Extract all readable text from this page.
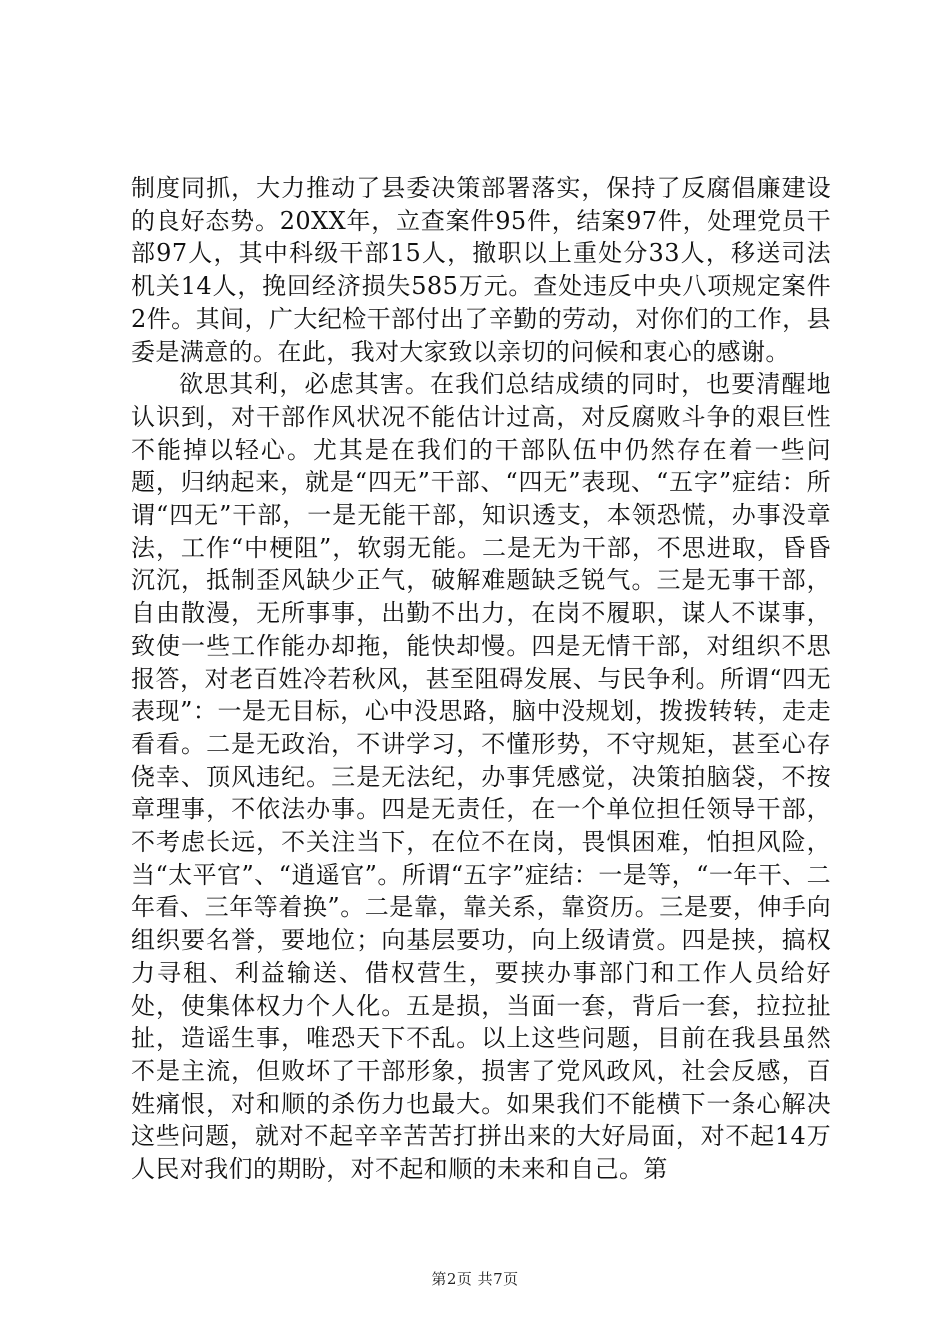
制度同抓，大力推动了县委决策部署落实，保持了反腐倡廉建设的良好态势。20XX年，立查案件95件，结案97件，处理党员干部97人，其中科级干部15人，撤职以上重处分33人，移送司法机关14人，挽回经济损失585万元。查处违反中央八项规定案件2件。其间，广大纪检干部付出了辛勤的劳动，对你们的工作，县委是满意的。在此，我对大家致以亲切的问候和衷心的感谢。

欲思其利，必虑其害。在我们总结成绩的同时，也要清醒地认识到，对干部作风状况不能估计过高，对反腐败斗争的艰巨性不能掉以轻心。尤其是在我们的干部队伍中仍然存在着一些问题，归纳起来，就是“四无”干部、“四无”表现、“五字”症结：所谓“四无”干部，一是无能干部，知识透支，本领恐慌，办事没章法，工作“中梗阻”，软弱无能。二是无为干部，不思进取，昏昏沉沉，抵制歪风缺少正气，破解难题缺乏锐气。三是无事干部，自由散漫，无所事事，出勤不出力，在岗不履职，谋人不谋事，致使一些工作能办却拖，能快却慢。四是无情干部，对组织不思报答，对老百姓冷若秋风，甚至阻碍发展、与民争利。所谓“四无表现”：一是无目标，心中没思路，脑中没规划，拨拨转转，走走看看。二是无政治，不讲学习，不懂形势，不守规矩，甚至心存侥幸、顶风违纪。三是无法纪，办事凭感觉，决策拍脑袋，不按章理事，不依法办事。四是无责任，在一个单位担任领导干部，不考虑长远，不关注当下，在位不在岗，畏惧困难，怕担风险，当“太平官”、“逍遥官”。所谓“五字”症结：一是等，“一年干、二年看、三年等着换”。二是靠，靠关系，靠资历。三是要，伸手向组织要名誉，要地位；向基层要功，向上级请赏。四是挟，搞权力寻租、利益输送、借权营生，要挟办事部门和工作人员给好处，使集体权力个人化。五是损，当面一套，背后一套，拉拉扯扯，造谣生事，唯恐天下不乱。以上这些问题，目前在我县虽然不是主流，但败坏了干部形象，损害了党风政风，社会反感，百姓痛恨，对和顺的杀伤力也最大。如果我们不能横下一条心解决这些问题，就对不起辛辛苦苦打拼出来的大好局面，对不起14万人民对我们的期盼，对不起和顺的未来和自己。第

第2页 共7页
